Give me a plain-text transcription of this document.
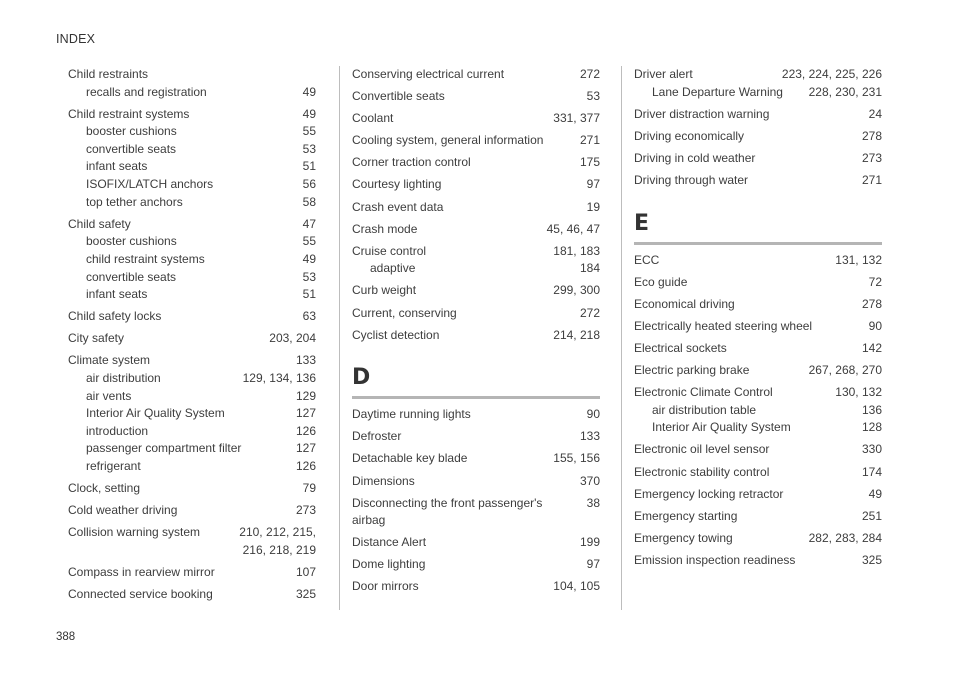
INDEX
Child restraints
recalls and registration	49
Child restraint systems	49
booster cushions	55
convertible seats	53
infant seats	51
ISOFIX/LATCH anchors	56
top tether anchors	58
Child safety	47
booster cushions	55
child restraint systems	49
convertible seats	53
infant seats	51
Child safety locks	63
City safety	203, 204
Climate system	133
air distribution	129, 134, 136
air vents	129
Interior Air Quality System	127
introduction	126
passenger compartment filter	127
refrigerant	126
Clock, setting	79
Cold weather driving	273
Collision warning system	210, 212, 215,
216, 218, 219
Compass in rearview mirror	107
Connected service booking	325
Conserving electrical current	272
Convertible seats	53
Coolant	331, 377
Cooling system, general information	271
Corner traction control	175
Courtesy lighting	97
Crash event data	19
Crash mode	45, 46, 47
Cruise control	181, 183
adaptive	184
Curb weight	299, 300
Current, conserving	272
Cyclist detection	214, 218
D
Daytime running lights	90
Defroster	133
Detachable key blade	155, 156
Dimensions	370
Disconnecting the front passenger's airbag
38
Distance Alert	199
Dome lighting	97
Door mirrors	104, 105
Driver alert	223, 224, 225, 226
Lane Departure Warning	228, 230, 231
Driver distraction warning	24
Driving economically	278
Driving in cold weather	273
Driving through water	271
E
ECC	131, 132
Eco guide	72
Economical driving	278
Electrically heated steering wheel	90
Electrical sockets	142
Electric parking brake	267, 268, 270
Electronic Climate Control	130, 132
air distribution table	136
Interior Air Quality System	128
Electronic oil level sensor	330
Electronic stability control	174
Emergency locking retractor	49
Emergency starting	251
Emergency towing	282, 283, 284
Emission inspection readiness	325
388
